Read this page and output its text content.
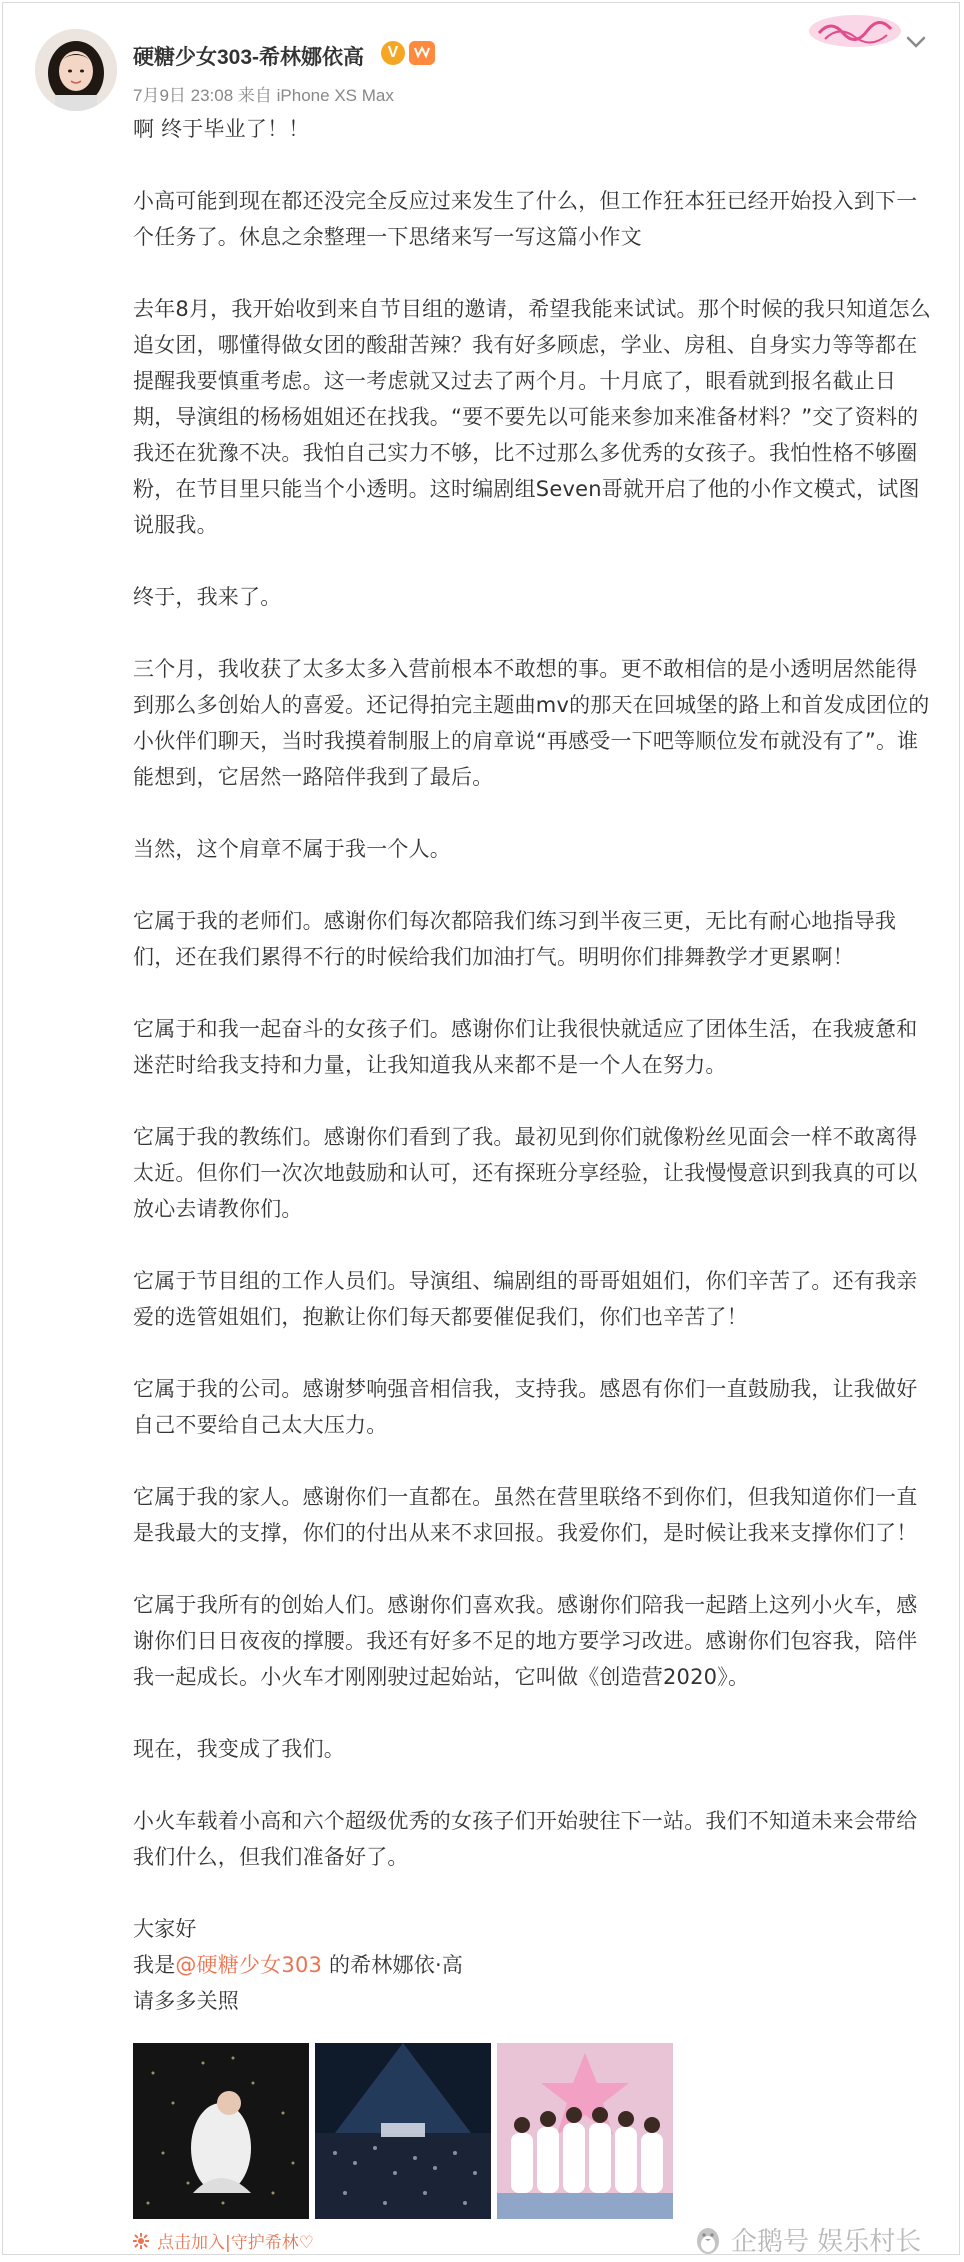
硬糖少女303-希林娜依高	V
7月9日 23:08 来自 iPhone XS Max

啊 终于毕业了！！

小高可能到现在都还没完全反应过来发生了什么，但工作狂本狂已经开始投入到下一个任务了。休息之余整理一下思绪来写一写这篇小作文

去年8月，我开始收到来自节目组的邀请，希望我能来试试。那个时候的我只知道怎么追女团，哪懂得做女团的酸甜苦辣？我有好多顾虑，学业、房租、自身实力等等都在提醒我要慎重考虑。这一考虑就又过去了两个月。十月底了，眼看就到报名截止日期，导演组的杨杨姐姐还在找我。“要不要先以可能来参加来准备材料？”交了资料的我还在犹豫不决。我怕自己实力不够，比不过那么多优秀的女孩子。我怕性格不够圈粉，在节目里只能当个小透明。这时编剧组Seven哥就开启了他的小作文模式，试图说服我。

终于，我来了。

三个月，我收获了太多太多入营前根本不敢想的事。更不敢相信的是小透明居然能得到那么多创始人的喜爱。还记得拍完主题曲mv的那天在回城堡的路上和首发成团位的小伙伴们聊天，当时我摸着制服上的肩章说“再感受一下吧等顺位发布就没有了”。谁能想到，它居然一路陪伴我到了最后。

当然，这个肩章不属于我一个人。

它属于我的老师们。感谢你们每次都陪我们练习到半夜三更，无比有耐心地指导我们，还在我们累得不行的时候给我们加油打气。明明你们排舞教学才更累啊！

它属于和我一起奋斗的女孩子们。感谢你们让我很快就适应了团体生活，在我疲惫和迷茫时给我支持和力量，让我知道我从来都不是一个人在努力。

它属于我的教练们。感谢你们看到了我。最初见到你们就像粉丝见面会一样不敢离得太近。但你们一次次地鼓励和认可，还有探班分享经验，让我慢慢意识到我真的可以放心去请教你们。

它属于节目组的工作人员们。导演组、编剧组的哥哥姐姐们，你们辛苦了。还有我亲爱的选管姐姐们，抱歉让你们每天都要催促我们，你们也辛苦了！

它属于我的公司。感谢梦响强音相信我，支持我。感恩有你们一直鼓励我，让我做好自己不要给自己太大压力。

它属于我的家人。感谢你们一直都在。虽然在营里联络不到你们，但我知道你们一直是我最大的支撑，你们的付出从来不求回报。我爱你们，是时候让我来支撑你们了！

它属于我所有的创始人们。感谢你们喜欢我。感谢你们陪我一起踏上这列小火车，感谢你们日日夜夜的撑腰。我还有好多不足的地方要学习改进。感谢你们包容我，陪伴我一起成长。小火车才刚刚驶过起始站，它叫做《创造营2020》。

现在，我变成了我们。

小火车载着小高和六个超级优秀的女孩子们开始驶往下一站。我们不知道未来会带给我们什么，但我们准备好了。

大家好

我是@硬糖少女303 的希林娜依·高

请多多关照

点击加入|守护希林♡	企鹅号 娱乐村长
